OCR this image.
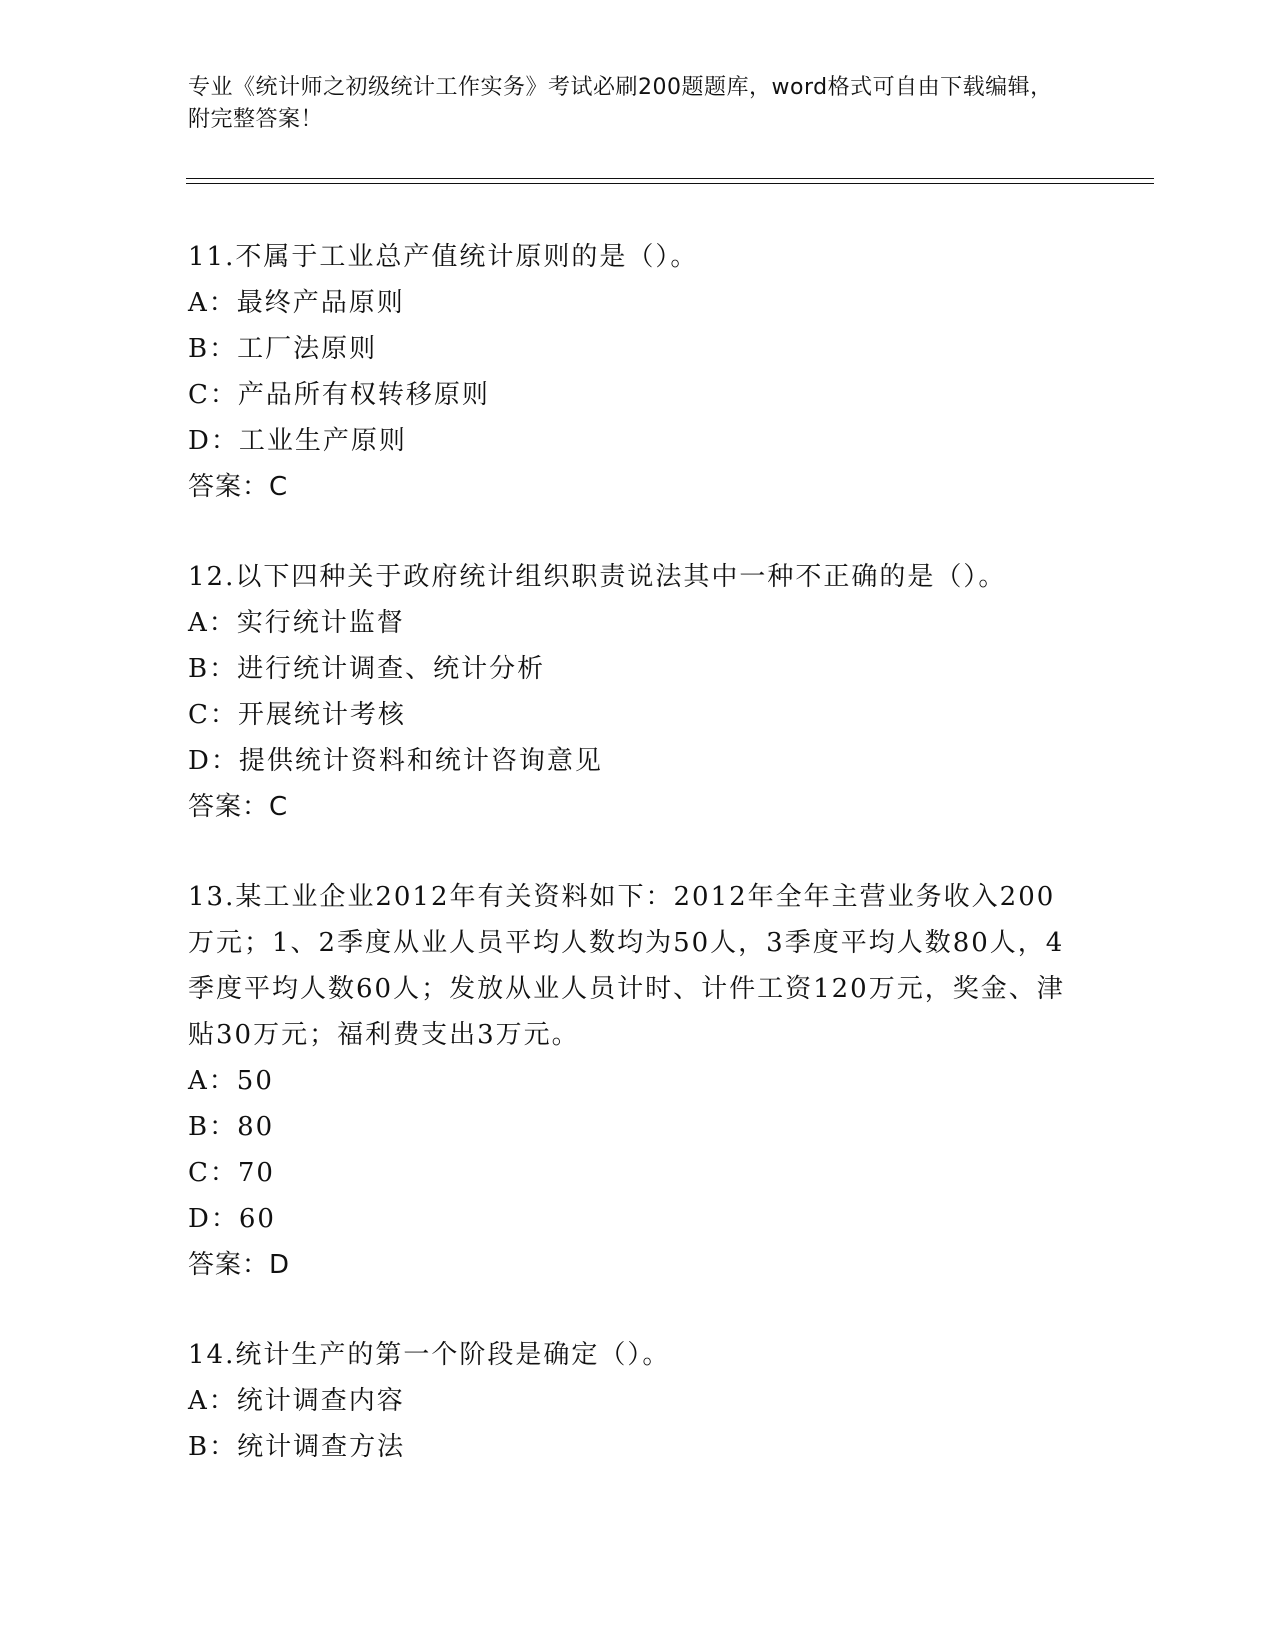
专业《统计师之初级统计工作实务》考试必刷200题题库，word格式可自由下载编辑，附完整答案！
11.不属于工业总产值统计原则的是（）。
A：最终产品原则
B：工厂法原则
C：产品所有权转移原则
D：工业生产原则
答案：C
12.以下四种关于政府统计组织职责说法其中一种不正确的是（）。
A：实行统计监督
B：进行统计调查、统计分析
C：开展统计考核
D：提供统计资料和统计咨询意见
答案：C
13.某工业企业2012年有关资料如下：2012年全年主营业务收入200万元；1、2季度从业人员平均人数均为50人，3季度平均人数80人，4季度平均人数60人；发放从业人员计时、计件工资120万元，奖金、津贴30万元；福利费支出3万元。
A：50
B：80
C：70
D：60
答案：D
14.统计生产的第一个阶段是确定（）。
A：统计调查内容
B：统计调查方法
